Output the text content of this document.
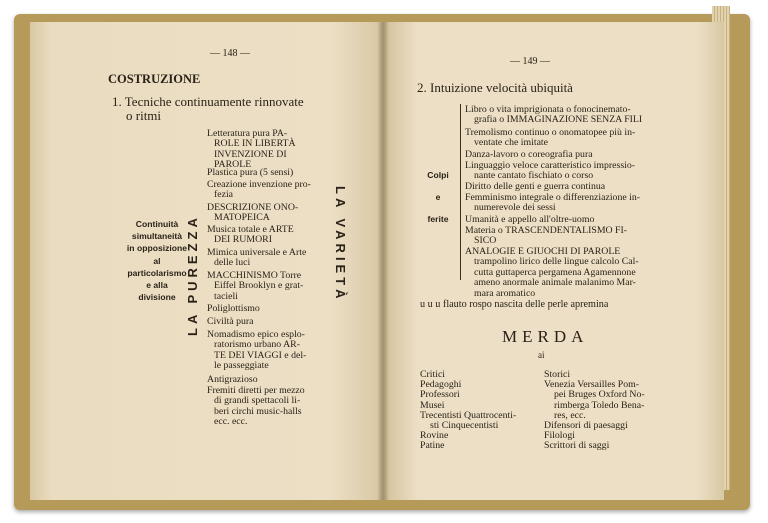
— 148 —
COSTRUZIONE
1. Tecniche continuamente rinnovate
o ritmi
Continuità
simultaneità
in opposizione
al
particolarismo
e alla
divisione LA PUREZZA	LA VARIETÀ
Letteratura pura PA-
ROLE IN LIBERTÀ
INVENZIONE DI
PAROLE
Plastica pura (5 sensi)
Creazione invenzione pro-
fezia
DESCRIZIONE ONO-
MATOPEICA
Musica totale e ARTE
DEI RUMORI
Mimica universale e Arte
delle luci
MACCHINISMO Torre
Eiffel Brooklyn e grat-
tacieli
Poliglottismo
Civiltà pura
Nomadismo epico esplo-
ratorismo urbano AR-
TE DEI VIAGGI e del-
le passeggiate
Antigrazioso
Fremiti diretti per mezzo
di grandi spettacoli li-
beri circhi music-halls
ecc. ecc.
— 149 —
2. Intuizione velocità ubiquità
Colpi
e
ferite
Libro o vita imprigionata o fonocinemato-
grafia o IMMAGINAZIONE SENZA FILI
Tremolismo continuo o onomatopee più in-
ventate che imitate
Danza-lavoro o coreografia pura
Linguaggio veloce caratteristico impressio-
nante cantato fischiato o corso
Diritto delle genti e guerra continua
Femminismo integrale o differenziazione in-
numerevole dei sessi
Umanità e appello all'oltre-uomo
Materia o TRASCENDENTALISMO FI-
SICO
ANALOGIE E GIUOCHI DI PAROLE
trampolino lirico delle lingue calcolo Cal-
cutta guttaperca pergamena Agamennone
ameno anormale animale malanimo Mar-
mara aromatico
u u u flauto rospo nascita delle perle apremina
MERDA
ai
Critici
Pedagoghi
Professori
Musei
Trecentisti Quattrocenti-
sti Cinquecentisti
Rovine
Patine
Storici
Venezia Versailles Pom-
pei Bruges Oxford No-
rimberga Toledo Bena-
res, ecc.
Difensori di paesaggi
Filologi
Scrittori di saggi
